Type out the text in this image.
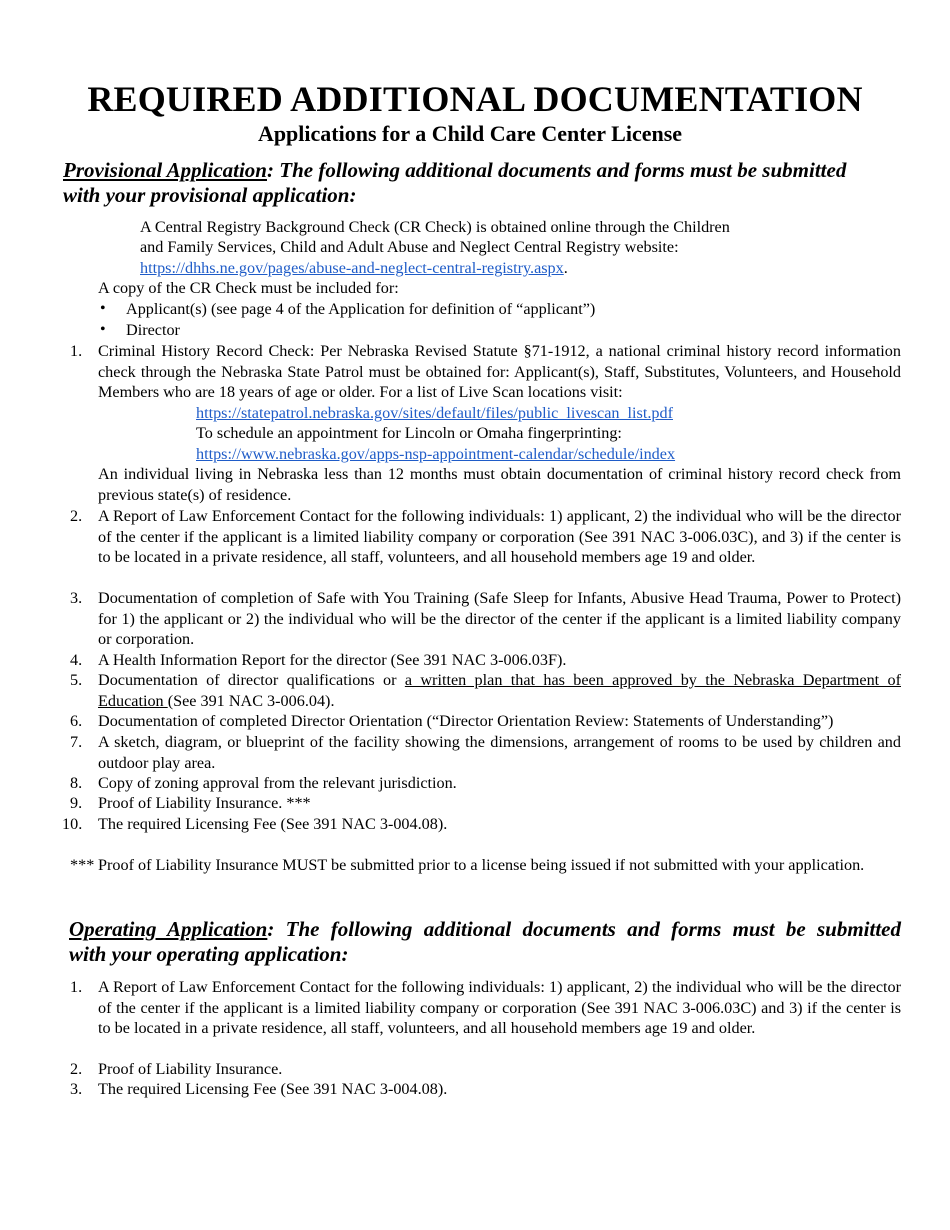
REQUIRED ADDITIONAL DOCUMENTATION
Applications for a Child Care Center License
Provisional Application: The following additional documents and forms must be submitted
with your provisional application:
A Central Registry Background Check (CR Check) is obtained online through the Children
and Family Services, Child and Adult Abuse and Neglect Central Registry website:
https://dhhs.ne.gov/pages/abuse-and-neglect-central-registry.aspx.
A copy of the CR Check must be included for:
• Applicant(s) (see page 4 of the Application for definition of “applicant”)
• Director
1. Criminal History Record Check: Per Nebraska Revised Statute §71-1912, a national criminal history record information check through the Nebraska State Patrol must be obtained for: Applicant(s), Staff, Substitutes, Volunteers, and Household Members who are 18 years of age or older. For a list of Live Scan locations visit:
https://statepatrol.nebraska.gov/sites/default/files/public_livescan_list.pdf
To schedule an appointment for Lincoln or Omaha fingerprinting:
https://www.nebraska.gov/apps-nsp-appointment-calendar/schedule/index
An individual living in Nebraska less than 12 months must obtain documentation of criminal history record check from previous state(s) of residence.
2. A Report of Law Enforcement Contact for the following individuals: 1) applicant, 2) the individual who will be the director of the center if the applicant is a limited liability company or corporation (See 391 NAC 3-006.03C), and 3) if the center is to be located in a private residence, all staff, volunteers, and all household members age 19 and older.
3. Documentation of completion of Safe with You Training (Safe Sleep for Infants, Abusive Head Trauma, Power to Protect) for 1) the applicant or 2) the individual who will be the director of the center if the applicant is a limited liability company or corporation.
4. A Health Information Report for the director (See 391 NAC 3-006.03F).
5. Documentation of director qualifications or a written plan that has been approved by the Nebraska Department of Education (See 391 NAC 3-006.04).
6. Documentation of completed Director Orientation (“Director Orientation Review: Statements of Understanding”)
7. A sketch, diagram, or blueprint of the facility showing the dimensions, arrangement of rooms to be used by children and outdoor play area.
8. Copy of zoning approval from the relevant jurisdiction.
9. Proof of Liability Insurance. ***
10. The required Licensing Fee (See 391 NAC 3-004.08).
*** Proof of Liability Insurance MUST be submitted prior to a license being issued if not submitted with your application.
Operating Application: The following additional documents and forms must be submitted
with your operating application:
1. A Report of Law Enforcement Contact for the following individuals: 1) applicant, 2) the individual who will be the director of the center if the applicant is a limited liability company or corporation (See 391 NAC 3-006.03C) and 3) if the center is to be located in a private residence, all staff, volunteers, and all household members age 19 and older.
2. Proof of Liability Insurance.
3. The required Licensing Fee (See 391 NAC 3-004.08).
